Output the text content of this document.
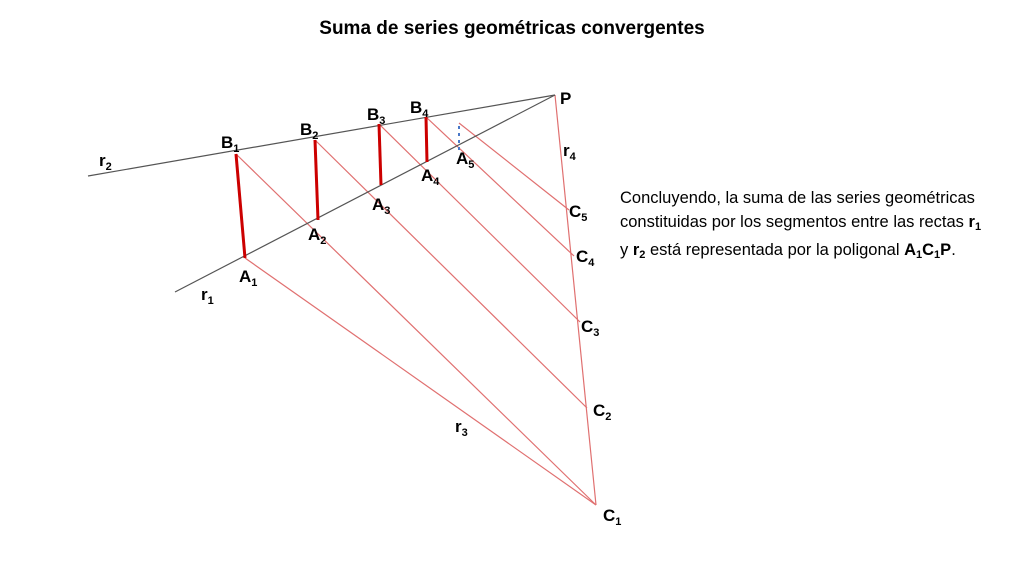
Suma de series geométricas convergentes
P
$r_1$
$r_2$
$r_3$
$r_4$
$A_1$
$A_2$
$A_3$
$A_4$
$A_5$
$B_1$
$B_2$
$B_3$
$B_4$
$C_1$
$C_2$
$C_3$
$C_4$
$C_5$
Concluyendo, la suma de las series geométricas constituidas por los segmentos entre las rectas $r_1$ y $r_2$ está representada por la poligonal $A_1C_1P$.
